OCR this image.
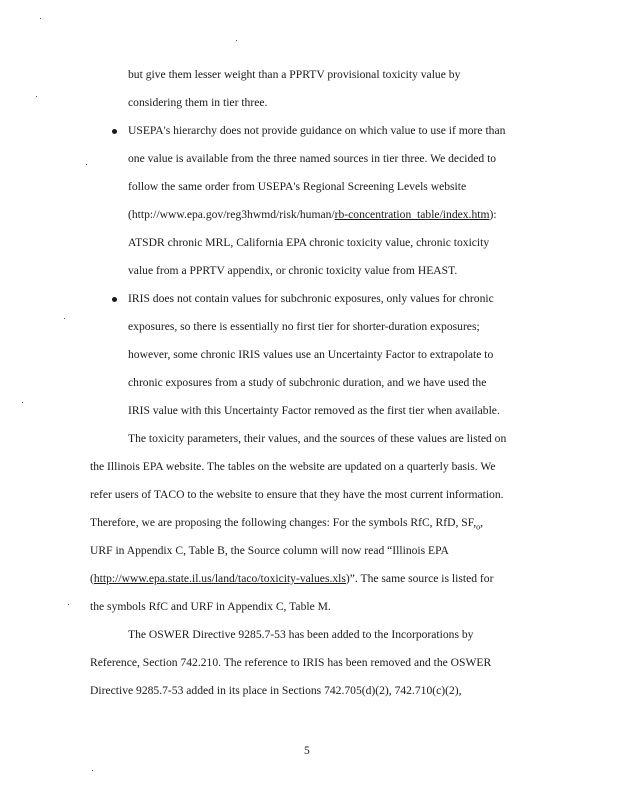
but give them lesser weight than a PPRTV provisional toxicity value by
considering them in tier three.
USEPA's hierarchy does not provide guidance on which value to use if more than
one value is available from the three named sources in tier three. We decided to
follow the same order from USEPA's Regional Screening Levels website
(http://www.epa.gov/reg3hwmd/risk/human/rb-concentration_table/index.htm):
ATSDR chronic MRL, California EPA chronic toxicity value, chronic toxicity
value from a PPRTV appendix, or chronic toxicity value from HEAST.
IRIS does not contain values for subchronic exposures, only values for chronic
exposures, so there is essentially no first tier for shorter-duration exposures;
however, some chronic IRIS values use an Uncertainty Factor to extrapolate to
chronic exposures from a study of subchronic duration, and we have used the
IRIS value with this Uncertainty Factor removed as the first tier when available.
The toxicity parameters, their values, and the sources of these values are listed on
the Illinois EPA website. The tables on the website are updated on a quarterly basis. We
refer users of TACO to the website to ensure that they have the most current information.
Therefore, we are proposing the following changes: For the symbols RfC, RfD, $SF,_o$,
URF in Appendix C, Table B, the Source column will now read “Illinois EPA
(http://www.epa.state.il.us/land/taco/toxicity-values.xls)”. The same source is listed for
the symbols RfC and URF in Appendix C, Table M.
The OSWER Directive 9285.7-53 has been added to the Incorporations by
Reference, Section 742.210. The reference to IRIS has been removed and the OSWER
Directive 9285.7-53 added in its place in Sections 742.705(d)(2), 742.710(c)(2),
5
